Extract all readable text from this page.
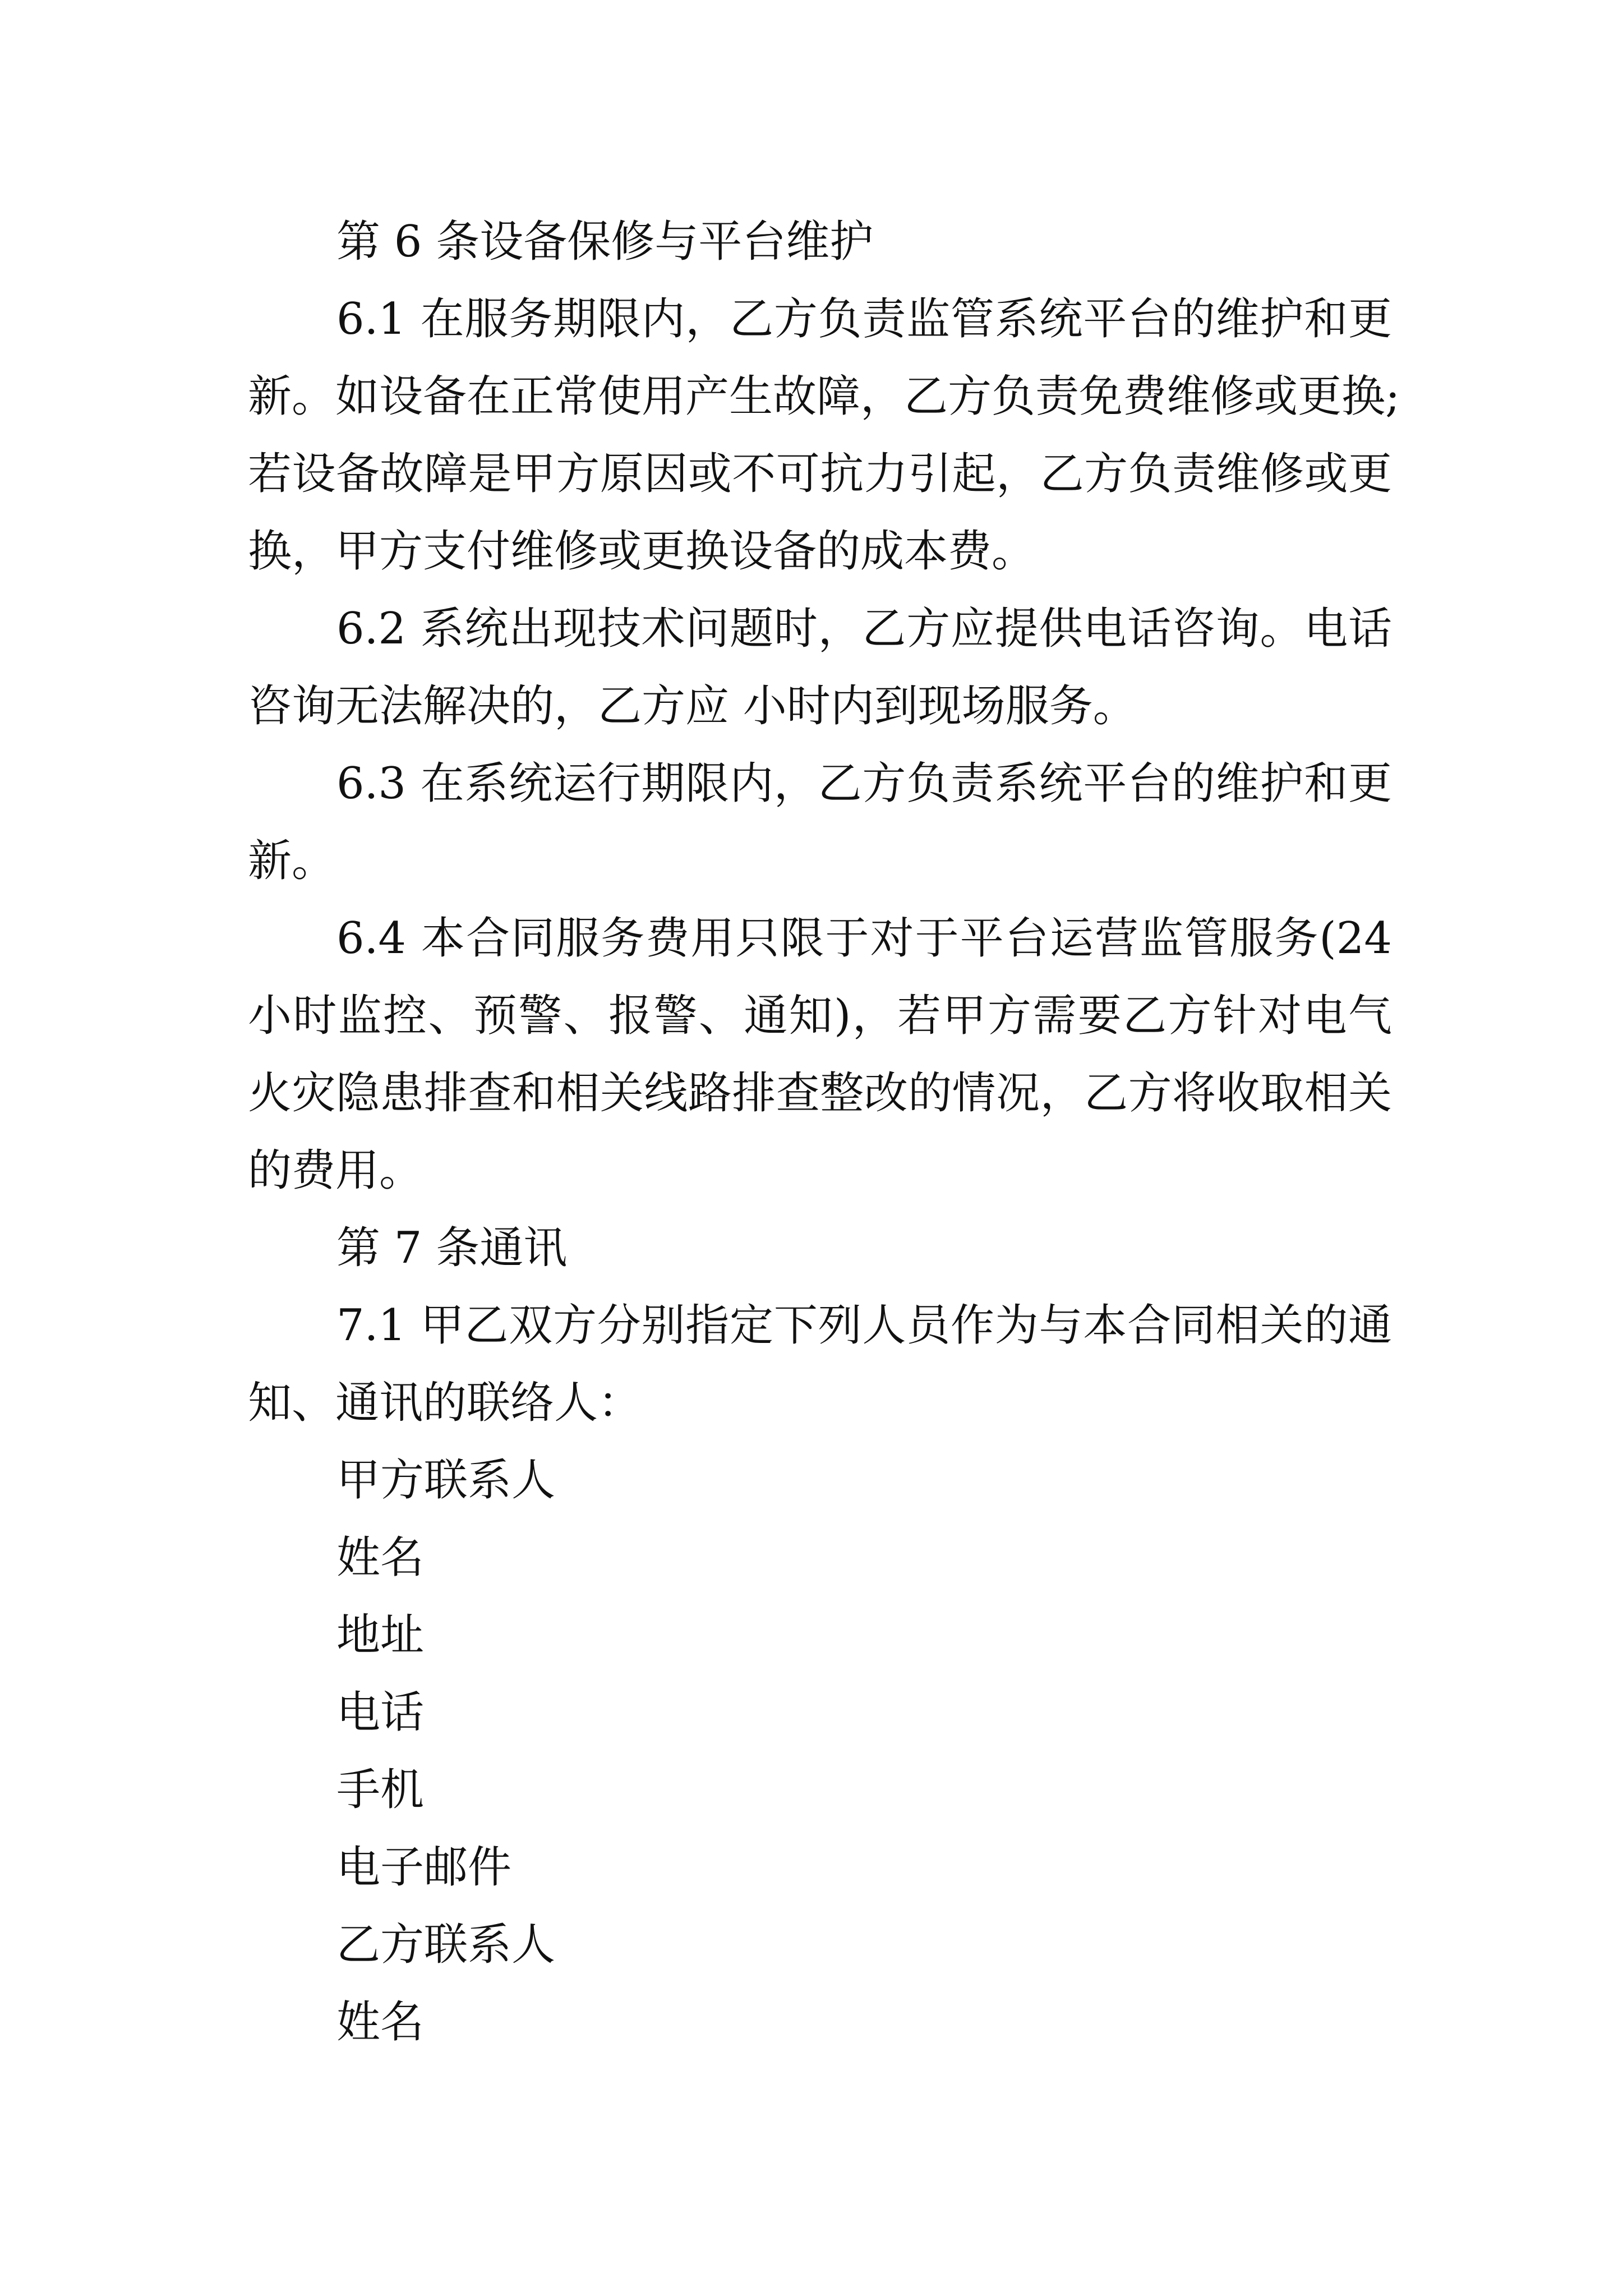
第 6 条设备保修与平台维护

6.1 在服务期限内，乙方负责监管系统平台的维护和更

新。如设备在正常使用产生故障，乙方负责免费维修或更换;

若设备故障是甲方原因或不可抗力引起，乙方负责维修或更

换，甲方支付维修或更换设备的成本费。

6.2 系统出现技术问题时，乙方应提供电话咨询。电话

咨询无法解决的，乙方应 小时内到现场服务。

6.3 在系统运行期限内，乙方负责系统平台的维护和更

新。

6.4 本合同服务费用只限于对于平台运营监管服务(24

小时监控、预警、报警、通知)，若甲方需要乙方针对电气

火灾隐患排查和相关线路排查整改的情况，乙方将收取相关

的费用。

第 7 条通讯

7.1 甲乙双方分别指定下列人员作为与本合同相关的通

知、通讯的联络人：

甲方联系人

姓名

地址

电话

手机

电子邮件

乙方联系人

姓名
